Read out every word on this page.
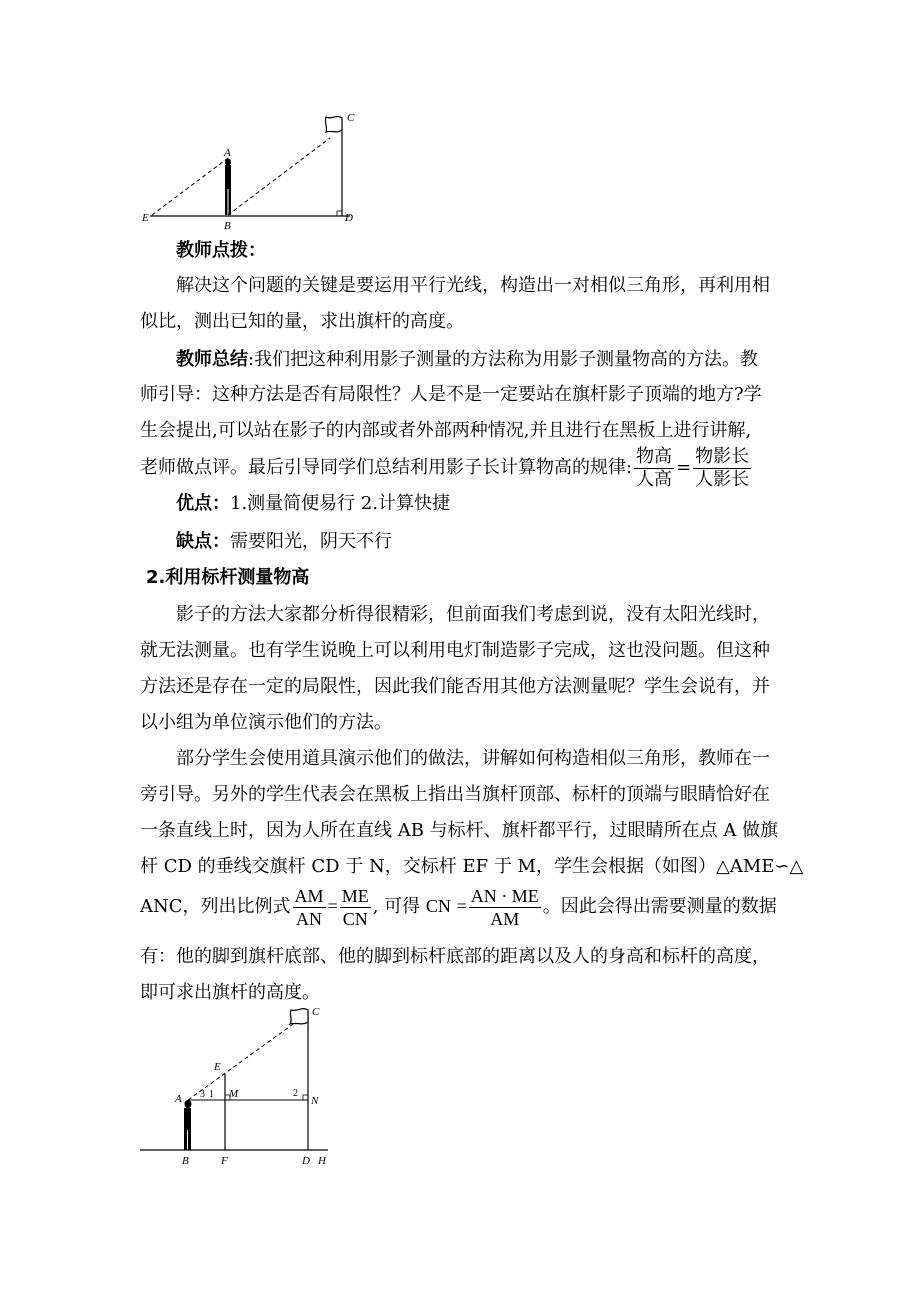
A
B
C
D
E
教师点拨：
解决这个问题的关键是要运用平行光线，构造出一对相似三角形，再利用相
似比，测出已知的量，求出旗杆的高度。
教师总结:我们把这种利用影子测量的方法称为用影子测量物高的方法。教
师引导：这种方法是否有局限性？人是不是一定要站在旗杆影子顶端的地方?学
生会提出,可以站在影子的内部或者外部两种情况,并且进行在黑板上进行讲解,
老师做点评。最后引导同学们总结利用影子长计算物高的规律: $\frac{\text{物高}}{\text{人高}} = \frac{\text{物影长}}{\text{人影长}}$
优点：1.测量简便易行 2.计算快捷
缺点：需要阳光，阴天不行
2.利用标杆测量物高
影子的方法大家都分析得很精彩，但前面我们考虑到说，没有太阳光线时，
就无法测量。也有学生说晚上可以利用电灯制造影子完成，这也没问题。但这种
方法还是存在一定的局限性，因此我们能否用其他方法测量呢？学生会说有，并
以小组为单位演示他们的方法。
部分学生会使用道具演示他们的做法，讲解如何构造相似三角形，教师在一
旁引导。另外的学生代表会在黑板上指出当旗杆顶部、标杆的顶端与眼睛恰好在
一条直线上时，因为人所在直线 AB 与标杆、旗杆都平行，过眼睛所在点 A 做旗
杆 CD 的垂线交旗杆 CD 于 N，交标杆 EF 于 M，学生会根据（如图）△AME∽△
ANC，列出比例式 $\frac{AM}{AN} = \frac{ME}{CN}$ , 可得 CN = $\frac{AN \cdot ME}{AM}$ 。因此会得出需要测量的数据
有：他的脚到旗杆底部、他的脚到标杆底部的距离以及人的身高和标杆的高度，
即可求出旗杆的高度。
A 3 1 M	2
N
E
C
B	F	D H
